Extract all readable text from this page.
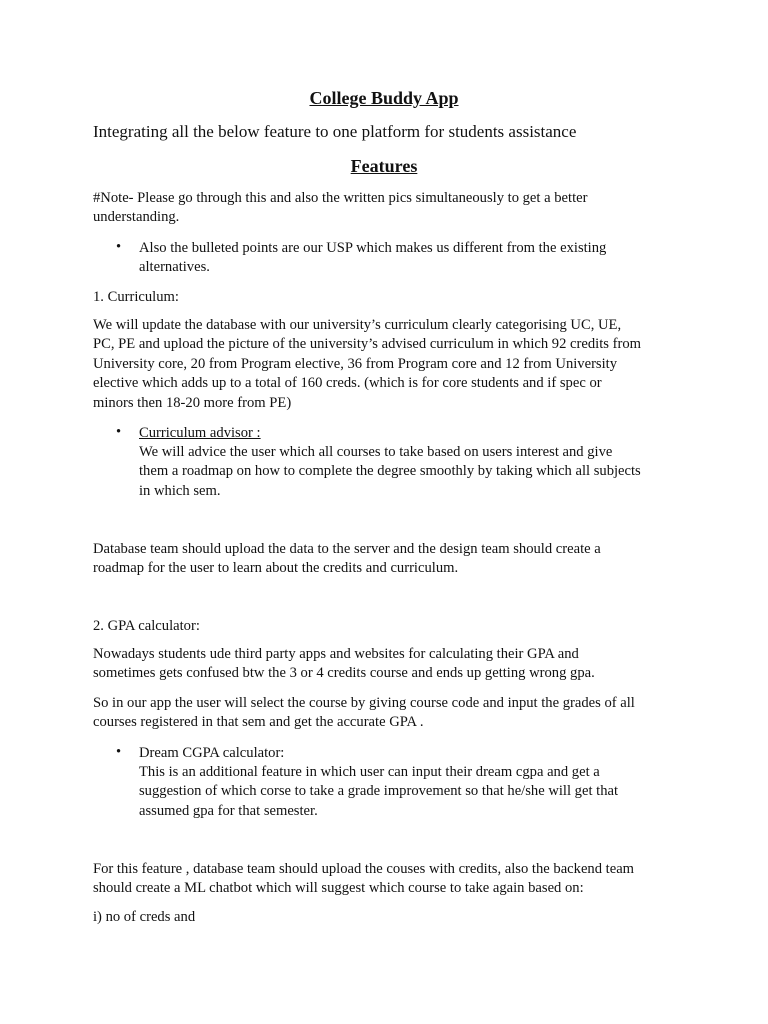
College Buddy App
Integrating all the below feature to one platform for students assistance
Features
#Note- Please go through this and also the written pics simultaneously to get a better
understanding.
• Also the bulleted points are our USP which makes us different from the existing
alternatives.
1. Curriculum:
We will update the database with our university’s curriculum clearly categorising UC, UE,
PC, PE and upload the picture of the university’s advised curriculum in which 92 credits from
University core, 20 from Program elective, 36 from Program core and 12 from University
elective which adds up to a total of 160 creds. (which is for core students and if spec or
minors then 18-20 more from PE)
• Curriculum advisor :
We will advice the user which all courses to take based on users interest and give
them a roadmap on how to complete the degree smoothly by taking which all subjects
in which sem.
Database team should upload the data to the server and the design team should create a
roadmap for the user to learn about the credits and curriculum.
2. GPA calculator:
Nowadays students ude third party apps and websites for calculating their GPA and
sometimes gets confused btw the 3 or 4 credits course and ends up getting wrong gpa.
So in our app the user will select the course by giving course code and input the grades of all
courses registered in that sem and get the accurate GPA .
• Dream CGPA calculator:
This is an additional feature in which user can input their dream cgpa and get a
suggestion of which corse to take a grade improvement so that he/she will get that
assumed gpa for that semester.
For this feature , database team should upload the couses with credits, also the backend team
should create a ML chatbot which will suggest which course to take again based on:
i) no of creds and
